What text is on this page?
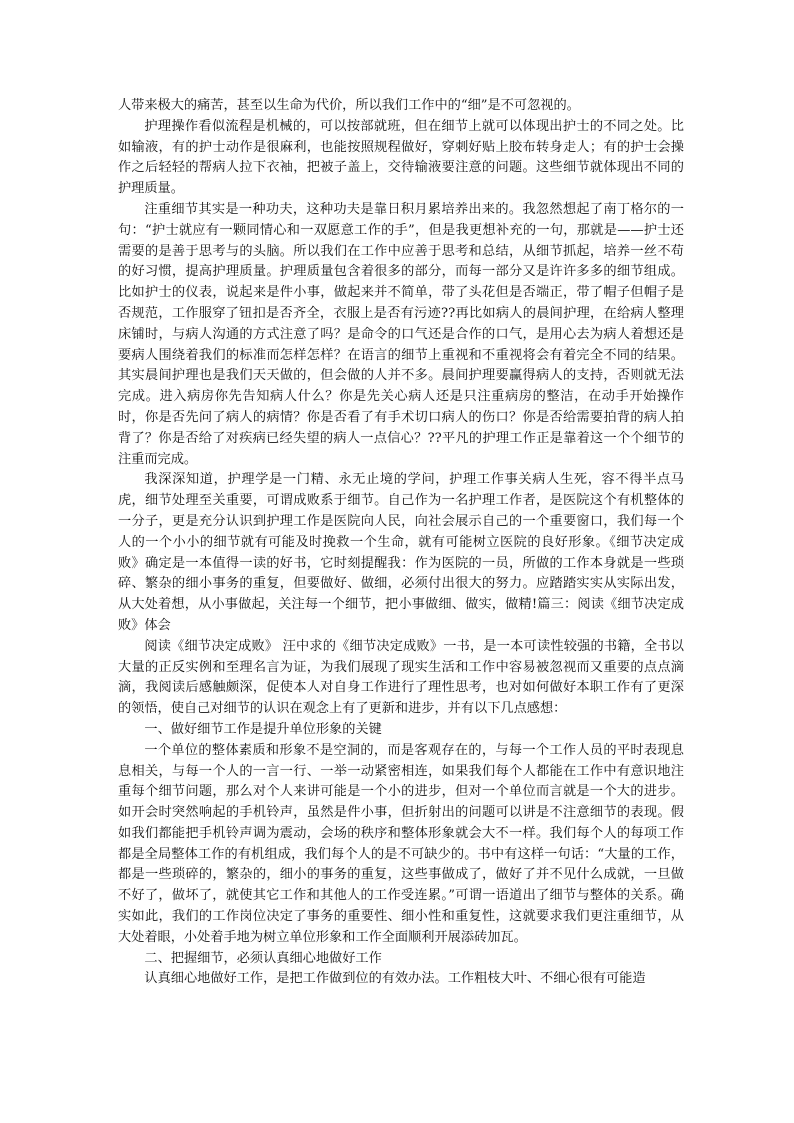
人带来极大的痛苦，甚至以生命为代价，所以我们工作中的“细”是不可忽视的。

护理操作看似流程是机械的，可以按部就班，但在细节上就可以体现出护士的不同之处。比如输液，有的护士动作是很麻利，也能按照规程做好，穿刺好贴上胶布转身走人；有的护士会操作之后轻轻的帮病人拉下衣袖，把被子盖上，交待输液要注意的问题。这些细节就体现出不同的护理质量。

注重细节其实是一种功夫，这种功夫是靠日积月累培养出来的。我忽然想起了南丁格尔的一句：“护士就应有一颗同情心和一双愿意工作的手”，但是我更想补充的一句，那就是——护士还需要的是善于思考与的头脑。所以我们在工作中应善于思考和总结，从细节抓起，培养一丝不苟的好习惯，提高护理质量。护理质量包含着很多的部分，而每一部分又是许许多多的细节组成。比如护士的仪表，说起来是件小事，做起来并不简单，带了头花但是否端正，带了帽子但帽子是否规范，工作服穿了钮扣是否齐全，衣服上是否有污迹??再比如病人的晨间护理，在给病人整理床铺时，与病人沟通的方式注意了吗？是命令的口气还是合作的口气，是用心去为病人着想还是要病人围绕着我们的标准而怎样怎样？在语言的细节上重视和不重视将会有着完全不同的结果。其实晨间护理也是我们天天做的，但会做的人并不多。晨间护理要赢得病人的支持，否则就无法完成。进入病房你先告知病人什么？你是先关心病人还是只注重病房的整洁，在动手开始操作时，你是否先问了病人的病情？你是否看了有手术切口病人的伤口？你是否给需要拍背的病人拍背了？你是否给了对疾病已经失望的病人一点信心？??平凡的护理工作正是靠着这一个个细节的注重而完成。

我深深知道，护理学是一门精、永无止境的学问，护理工作事关病人生死，容不得半点马虎，细节处理至关重要，可谓成败系于细节。自己作为一名护理工作者，是医院这个有机整体的一分子，更是充分认识到护理工作是医院向人民，向社会展示自己的一个重要窗口，我们每一个人的一个小小的细节就有可能及时挽救一个生命，就有可能树立医院的良好形象。《细节决定成败》确定是一本值得一读的好书，它时刻提醒我：作为医院的一员，所做的工作本身就是一些琐碎、繁杂的细小事务的重复，但要做好、做细，必须付出很大的努力。应踏踏实实从实际出发，从大处着想，从小事做起，关注每一个细节，把小事做细、做实，做精!篇三：阅读《细节决定成败》体会

阅读《细节决定成败》 汪中求的《细节决定成败》一书，是一本可读性较强的书籍，全书以大量的正反实例和至理名言为证，为我们展现了现实生活和工作中容易被忽视而又重要的点点滴滴，我阅读后感触颇深，促使本人对自身工作进行了理性思考，也对如何做好本职工作有了更深的领悟，使自己对细节的认识在观念上有了更新和进步，并有以下几点感想：

一、做好细节工作是提升单位形象的关键

一个单位的整体素质和形象不是空洞的，而是客观存在的，与每一个工作人员的平时表现息息相关，与每一个人的一言一行、一举一动紧密相连，如果我们每个人都能在工作中有意识地注重每个细节问题，那么对个人来讲可能是一个小的进步，但对一个单位而言就是一个大的进步。如开会时突然响起的手机铃声，虽然是件小事，但折射出的问题可以讲是不注意细节的表现。假如我们都能把手机铃声调为震动，会场的秩序和整体形象就会大不一样。我们每个人的每项工作都是全局整体工作的有机组成，我们每个人的是不可缺少的。书中有这样一句话：“大量的工作，都是一些琐碎的，繁杂的，细小的事务的重复，这些事做成了，做好了并不见什么成就，一旦做不好了，做坏了，就使其它工作和其他人的工作受连累。”可谓一语道出了细节与整体的关系。确实如此，我们的工作岗位决定了事务的重要性、细小性和重复性，这就要求我们更注重细节，从大处着眼，小处着手地为树立单位形象和工作全面顺利开展添砖加瓦。

二、把握细节，必须认真细心地做好工作

认真细心地做好工作，是把工作做到位的有效办法。工作粗枝大叶、不细心很有可能造
